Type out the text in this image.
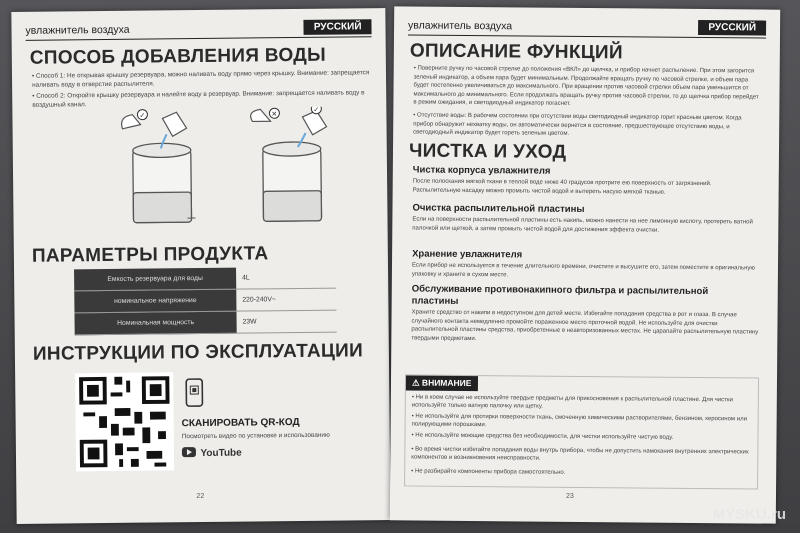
увлажнитель воздуха	РУССКИЙ
СПОСОБ ДОБАВЛЕНИЯ ВОДЫ
• Способ 1: Не открывая крышку резервуара, можно наливать воду прямо через крышку. Внимание: запрещается наливать воду в отверстие распылителя.
• Способ 2: Откройте крышку резервуара и налейте воду в резервуар. Внимание: запрещается наливать воду в воздушный канал.
✓	✕
✓
ПАРАМЕТРЫ ПРОДУКТА
Емкость резервуара для воды	4L
номинальное напряжение	220-240V~
Номинальная мощность	23W
ИНСТРУКЦИИ ПО ЭКСПЛУАТАЦИИ
СКАНИРОВАТЬ QR-КОД
Посмотреть видео по установке и использованию
YouTube
22
увлажнитель воздуха	РУССКИЙ
ОПИСАНИЕ ФУНКЦИЙ
• Поверните ручку по часовой стрелке до положения «ВКЛ» до щелчка, и прибор начнет распыление. При этом загорится зеленый индикатор, а объем пара будет минимальным. Продолжайте вращать ручку по часовой стрелке, и объем пара будет постепенно увеличиваться до максимального. При вращении против часовой стрелки объем пара уменьшится от максимального до минимального. Если продолжать вращать ручку против часовой стрелки, то до щелчка прибор перейдет в режим ожидания, и светодиодный индикатор погаснет.
• Отсутствие воды: В рабочем состоянии при отсутствии воды светодиодный индикатор горит красным цветом. Когда прибор обнаружит нехватку воды, он автоматически вернется в состояние, предшествующее отсутствию воды, и светодиодный индикатор будет гореть зеленым цветом.
ЧИСТКА И УХОД
Чистка корпуса увлажнителя
После полоскания мягкой ткани в теплой воде ниже 40 градусов протрите ею поверхность от загрязнений. Распылительную насадку можно промыть чистой водой и вытереть насухо мягкой тканью.
Очистка распылительной пластины
Если на поверхности распылительной пластины есть накипь, можно нанести на нее лимонную кислоту, протереть ватной палочкой или щеткой, а затем промыть чистой водой для достижения эффекта очистки.
Хранение увлажнителя
Если прибор не используется в течение длительного времени, очистите и высушите его, затем поместите в оригинальную упаковку и храните в сухом месте.
Обслуживание противонакипного фильтра и распылительной пластины
Храните средство от накипи в недоступном для детей месте. Избегайте попадания средства в рот и глаза. В случае случайного контакта немедленно промойте пораженное место проточной водой. Не используйте для очистки распылительной пластины средства, приобретенные в неавторизованных местах. Не царапайте распылительную пластину твердыми предметами.
⚠ ВНИМАНИЕ
• Ни в коем случае не используйте твердые предметы для прикосновения к распылительной пластине. Для чистки используйте только ватную палочку или щетку.
• Не используйте для протирки поверхности ткань, смоченную химическими растворителями, бензином, керосином или полирующими порошками.
• Не используйте моющие средства без необходимости, для чистки используйте чистую воду.
• Во время чистки избегайте попадания воды внутрь прибора, чтобы не допустить намокания внутренних электрических компонентов и возникновения неисправности.
• Не разбирайте компоненты прибора самостоятельно.
23
MYSKU.ru
